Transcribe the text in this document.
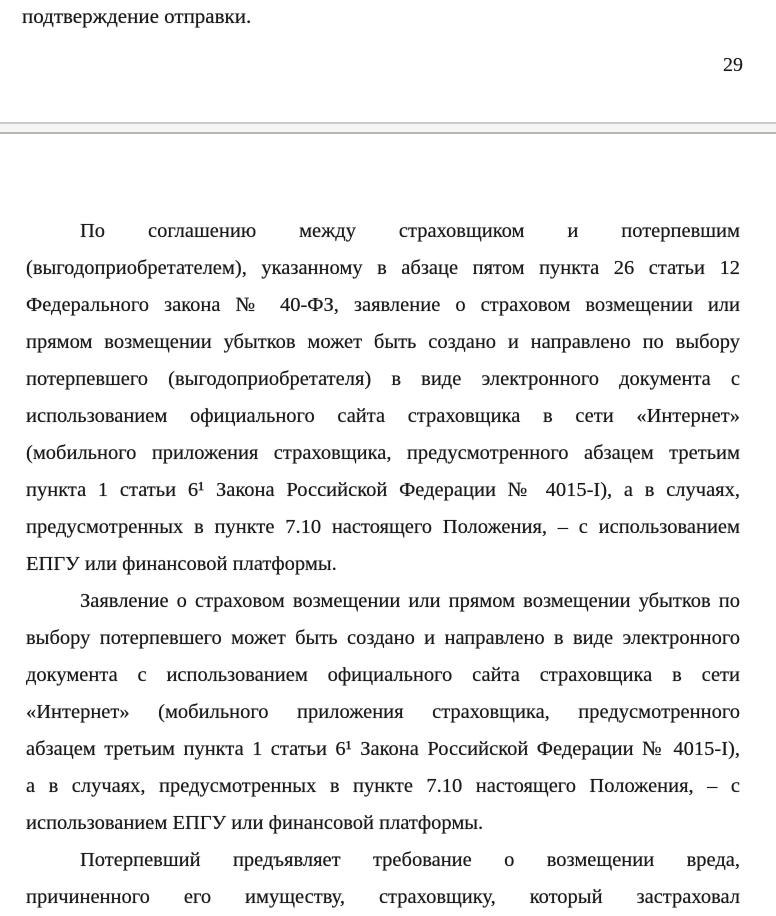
подтверждение отправки.
29
По соглашению между страховщиком и потерпевшим
(выгодоприобретателем), указанному в абзаце пятом пункта 26 статьи 12
Федерального закона № 40-ФЗ, заявление о страховом возмещении или
прямом возмещении убытков может быть создано и направлено по выбору
потерпевшего (выгодоприобретателя) в виде электронного документа с
использованием официального сайта страховщика в сети «Интернет»
(мобильного приложения страховщика, предусмотренного абзацем третьим
пункта 1 статьи 6¹ Закона Российской Федерации № 4015-I), а в случаях,
предусмотренных в пункте 7.10 настоящего Положения, – с использованием
ЕПГУ или финансовой платформы.
Заявление о страховом возмещении или прямом возмещении убытков по
выбору потерпевшего может быть создано и направлено в виде электронного
документа с использованием официального сайта страховщика в сети
«Интернет» (мобильного приложения страховщика, предусмотренного
абзацем третьим пункта 1 статьи 6¹ Закона Российской Федерации № 4015-I),
а в случаях, предусмотренных в пункте 7.10 настоящего Положения, – с
использованием ЕПГУ или финансовой платформы.
Потерпевший предъявляет требование о возмещении вреда,
причиненного его имуществу, страховщику, который застраховал
